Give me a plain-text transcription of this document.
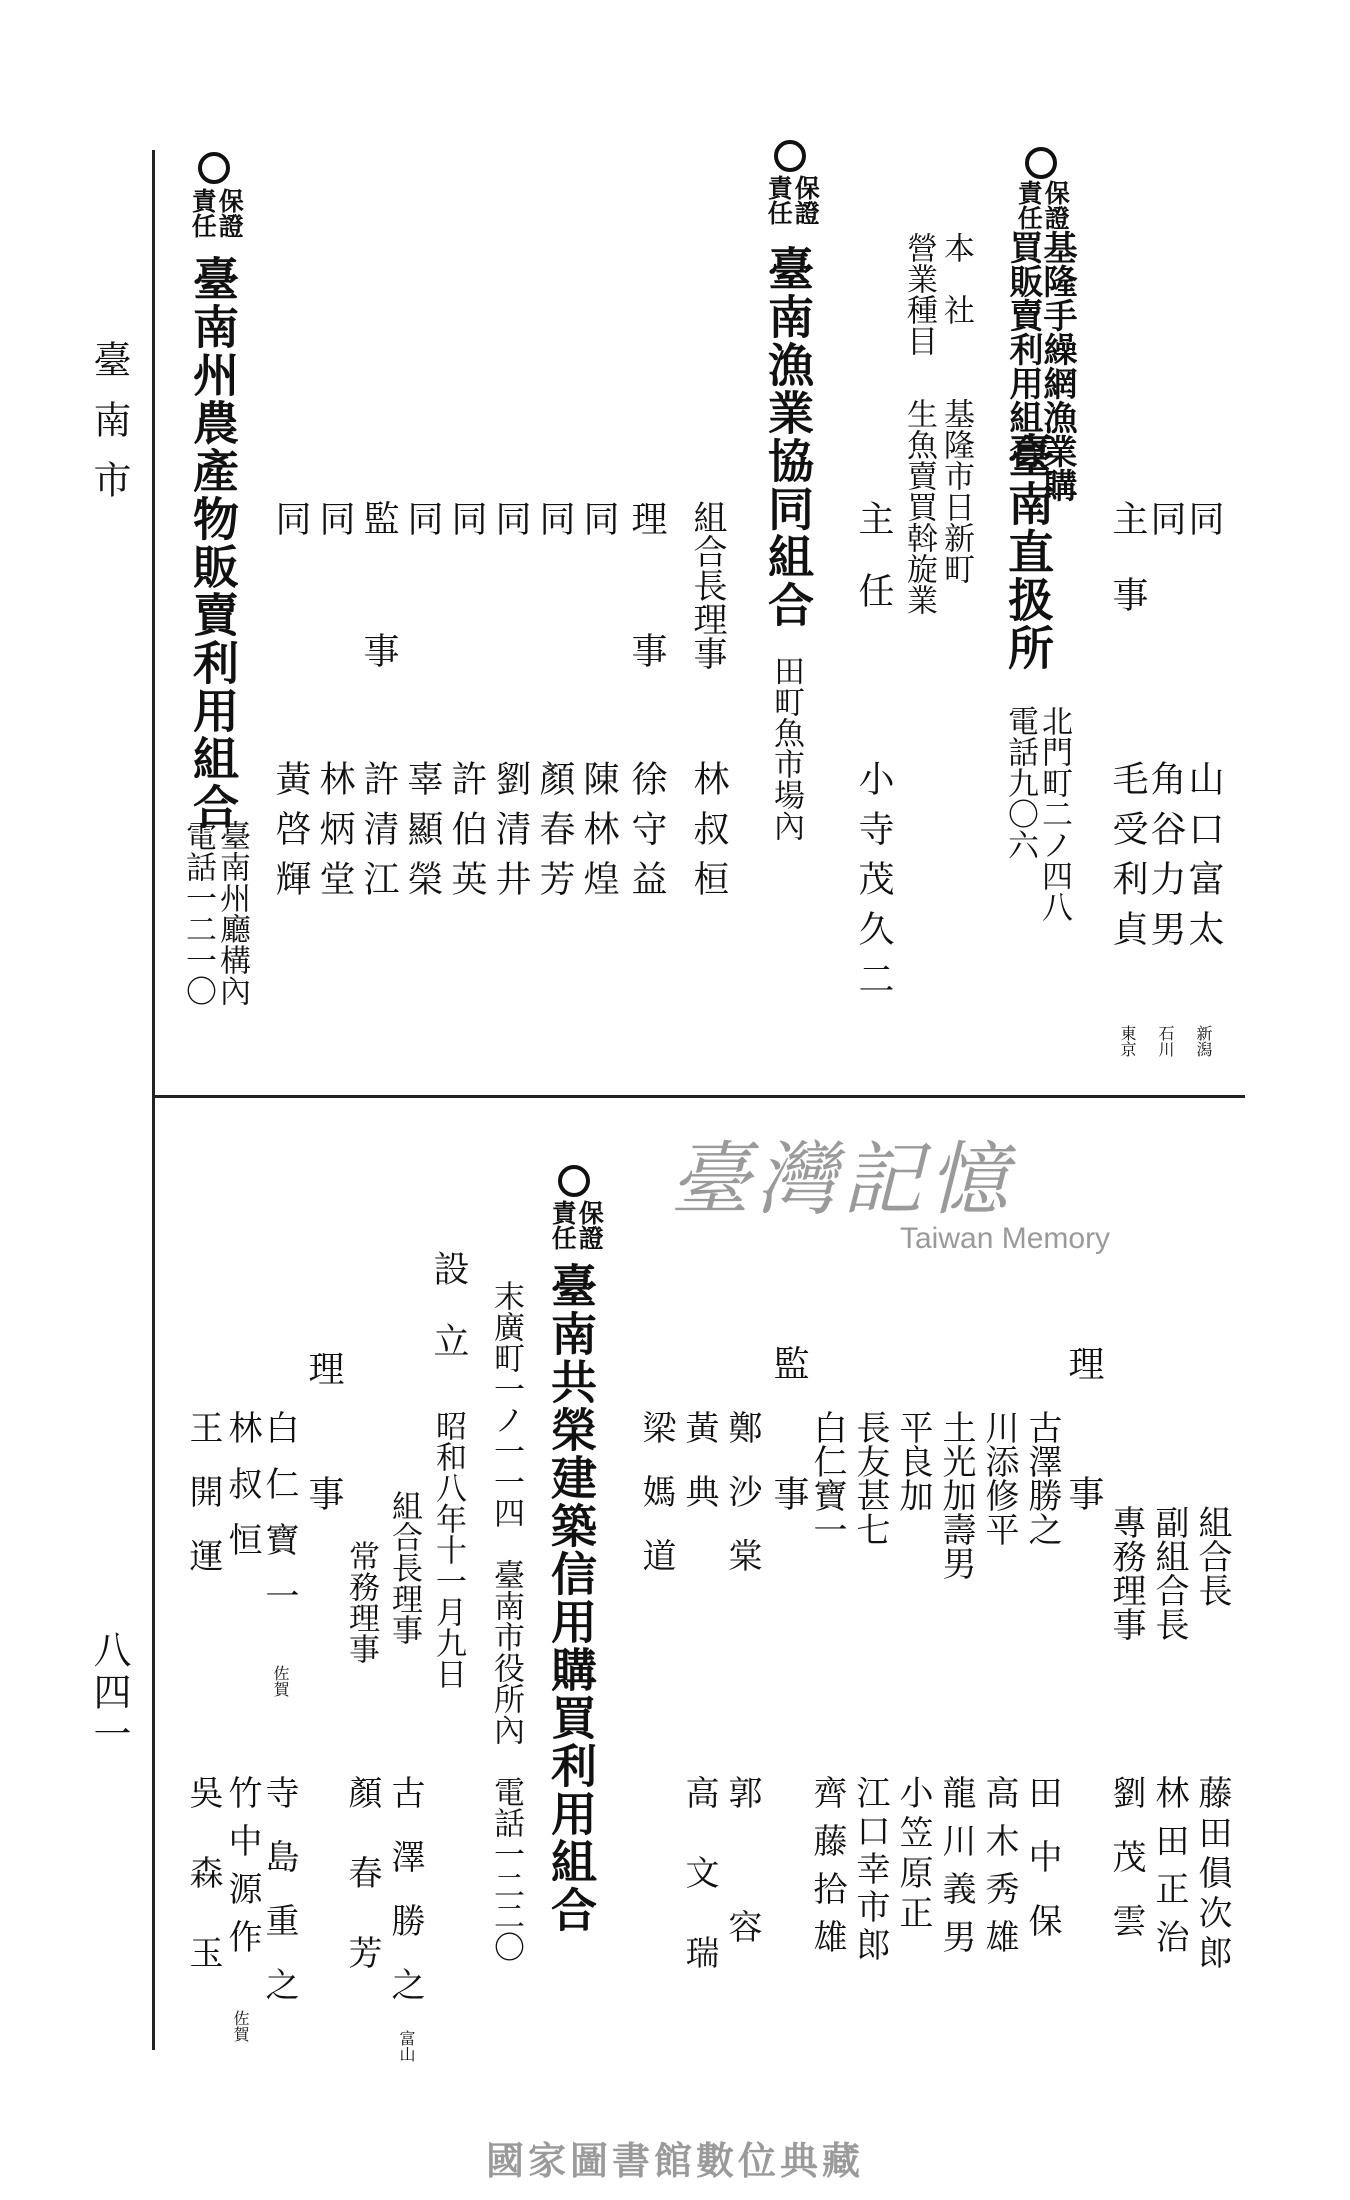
臺南市
八四一
保證
責任
基隆手繰網漁業購
買販賣利用組合
臺南直扱所
北門町二ノ四八
電話九〇六
本　社
基隆市日新町
營業種目
生魚賣買斡旋業
主　任
小寺茂久二
同
山口富太
新潟
同
角谷力男
石川
主事
毛受利貞
東京
保證
責任
臺南漁業協同組合
田町魚市場內
組合長理事
林叔桓
保證
責任
臺南州農產物販賣利用組合
臺南州廳構內
電話一二一〇
理
事
徐守益
同
陳林煌
同
顏春芳
同
劉清井
同
許伯英
同
辜顯榮
監
事
許清江
同
林炳堂
同
黃啓輝
理
事
組合長
藤田傊次郎
副組合長
林田正治
專務理事
劉茂雲
古澤勝之
田中保
川添修平
高木秀雄
土光加壽男
龍川義男
平良加
小笠原正
長友甚七
江口幸市郎
白仁寶一
齊藤拾雄
監
事
鄭沙棠
郭容
黃典
高文瑞
梁媽道
臺灣記憶
Taiwan Memory
保證
責任
臺南共榮建築信用購買利用組合
末廣町一ノ一一四　臺南市役所內　電話一二二〇
設　立
昭和八年十一月九日
理
事 組合長理事
古澤勝之
富山
常務理事
顏春芳
白仁寶一
寺島重之
佐賀
林叔恒
竹中源作
佐賀
王開運
吳森玉
國家圖書館數位典藏
